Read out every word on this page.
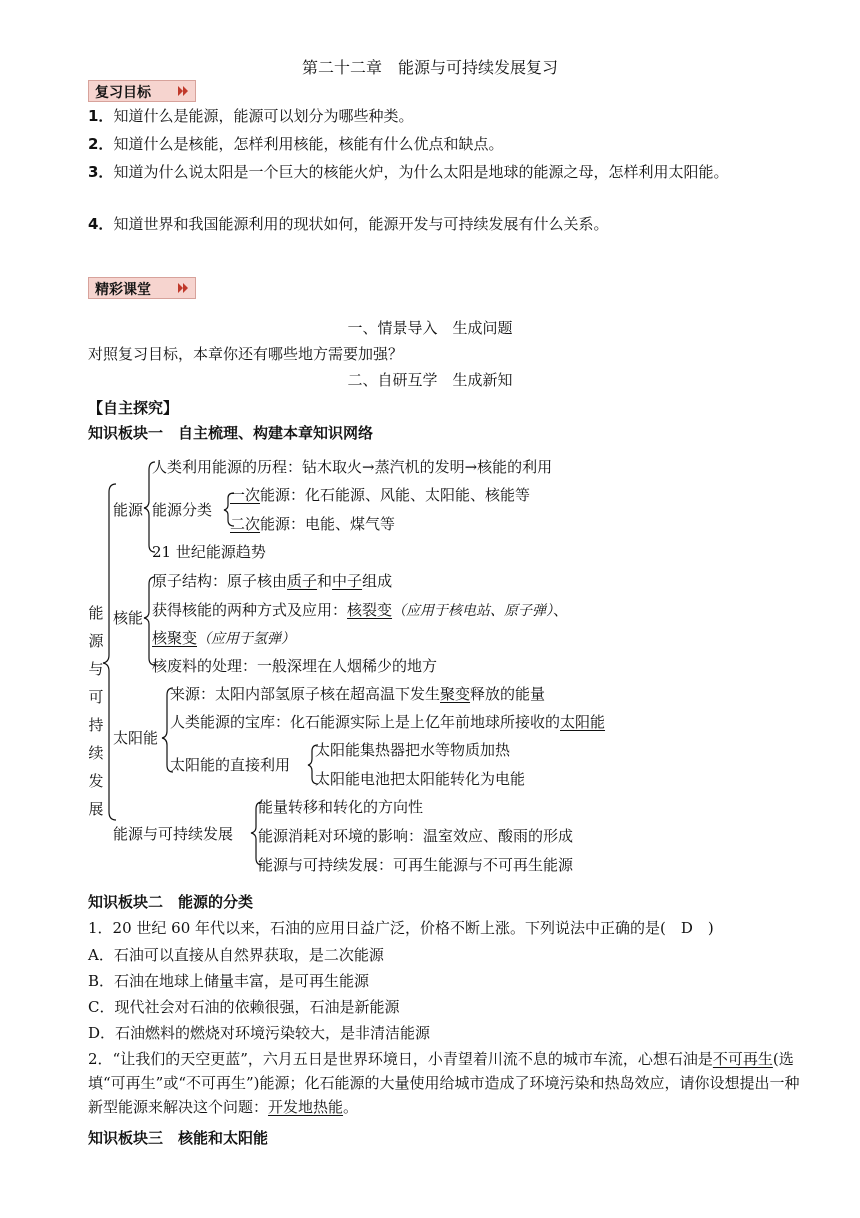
第二十二章　能源与可持续发展复习
复习目标
1．知道什么是能源，能源可以划分为哪些种类。
2．知道什么是核能，怎样利用核能，核能有什么优点和缺点。
3．知道为什么说太阳是一个巨大的核能火炉，为什么太阳是地球的能源之母，怎样利用太阳能。
4．知道世界和我国能源利用的现状如何，能源开发与可持续发展有什么关系。
精彩课堂
一、情景导入　生成问题
对照复习目标，本章你还有哪些地方需要加强？
二、自研互学　生成新知
【自主探究】
知识板块一　自主梳理、构建本章知识网络
能
源
与
可
持
续
发
展
能源
人类利用能源的历程：钻木取火→蒸汽机的发明→核能的利用
能源分类
一次能源：化石能源、风能、太阳能、核能等
二次能源：电能、煤气等
21 世纪能源趋势
核能
原子结构：原子核由质子和中子组成
获得核能的两种方式及应用：核裂变（应用于核电站、原子弹）、
核聚变（应用于氢弹）
核废料的处理：一般深埋在人烟稀少的地方
太阳能
来源：太阳内部氢原子核在超高温下发生聚变释放的能量
人类能源的宝库：化石能源实际上是上亿年前地球所接收的太阳能
太阳能的直接利用
太阳能集热器把水等物质加热
太阳能电池把太阳能转化为电能
能源与可持续发展
能量转移和转化的方向性
能源消耗对环境的影响：温室效应、酸雨的形成
能源与可持续发展：可再生能源与不可再生能源
知识板块二　能源的分类
1．20 世纪 60 年代以来，石油的应用日益广泛，价格不断上涨。下列说法中正确的是(　D　)
A．石油可以直接从自然界获取，是二次能源
B．石油在地球上储量丰富，是可再生能源
C．现代社会对石油的依赖很强，石油是新能源
D．石油燃料的燃烧对环境污染较大，是非清洁能源
2．“让我们的天空更蓝”，六月五日是世界环境日，小青望着川流不息的城市车流，心想石油是不可再生(选填“可再生”或“不可再生”)能源；化石能源的大量使用给城市造成了环境污染和热岛效应，请你设想提出一种新型能源来解决这个问题：开发地热能。
知识板块三　核能和太阳能
